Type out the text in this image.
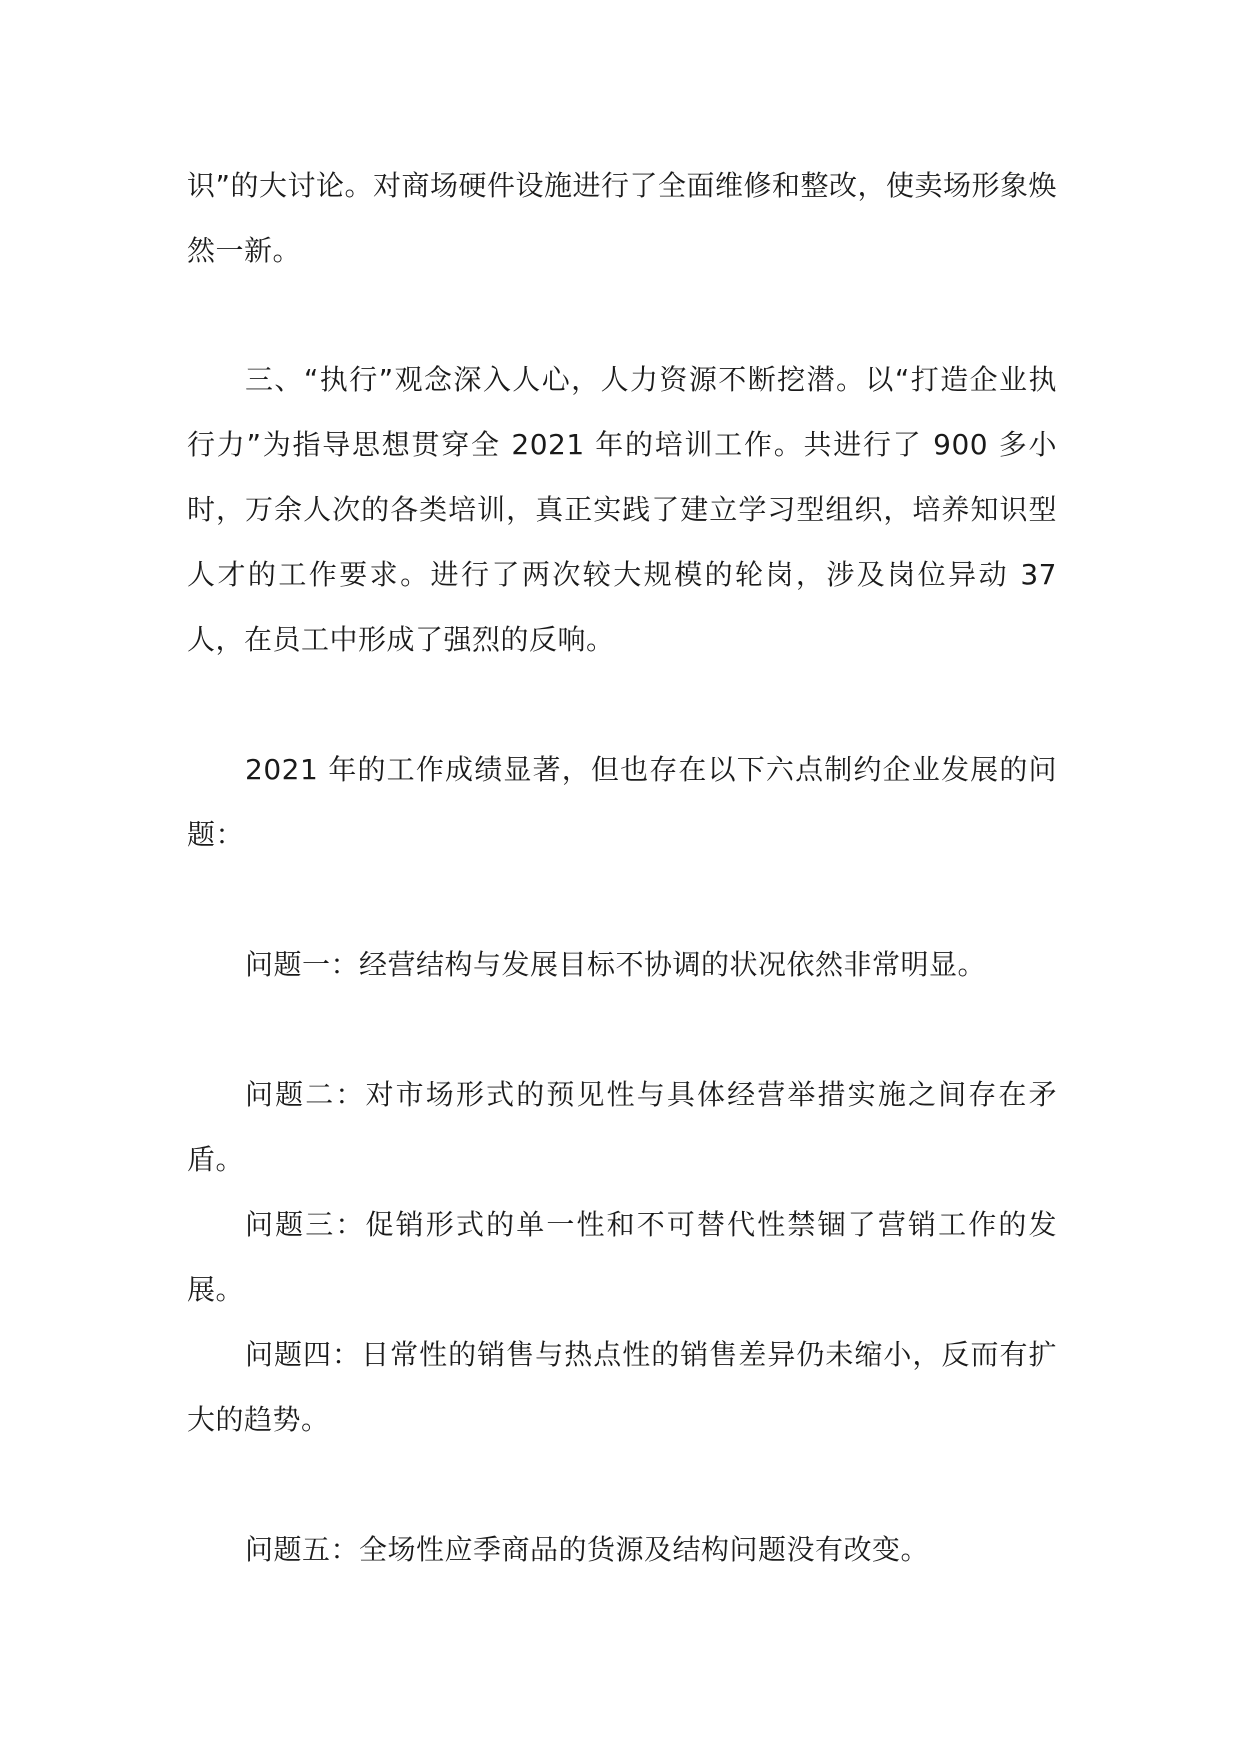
识”的大讨论。对商场硬件设施进行了全面维修和整改，使卖场形象焕然一新。

三、“执行”观念深入人心，人力资源不断挖潜。以“打造企业执行力”为指导思想贯穿全 2021 年的培训工作。共进行了 900 多小时，万余人次的各类培训，真正实践了建立学习型组织，培养知识型人才的工作要求。进行了两次较大规模的轮岗，涉及岗位异动 37 人，在员工中形成了强烈的反响。

2021 年的工作成绩显著，但也存在以下六点制约企业发展的问题：

问题一：经营结构与发展目标不协调的状况依然非常明显。

问题二：对市场形式的预见性与具体经营举措实施之间存在矛盾。

问题三：促销形式的单一性和不可替代性禁锢了营销工作的发展。

问题四：日常性的销售与热点性的销售差异仍未缩小，反而有扩大的趋势。

问题五：全场性应季商品的货源及结构问题没有改变。
